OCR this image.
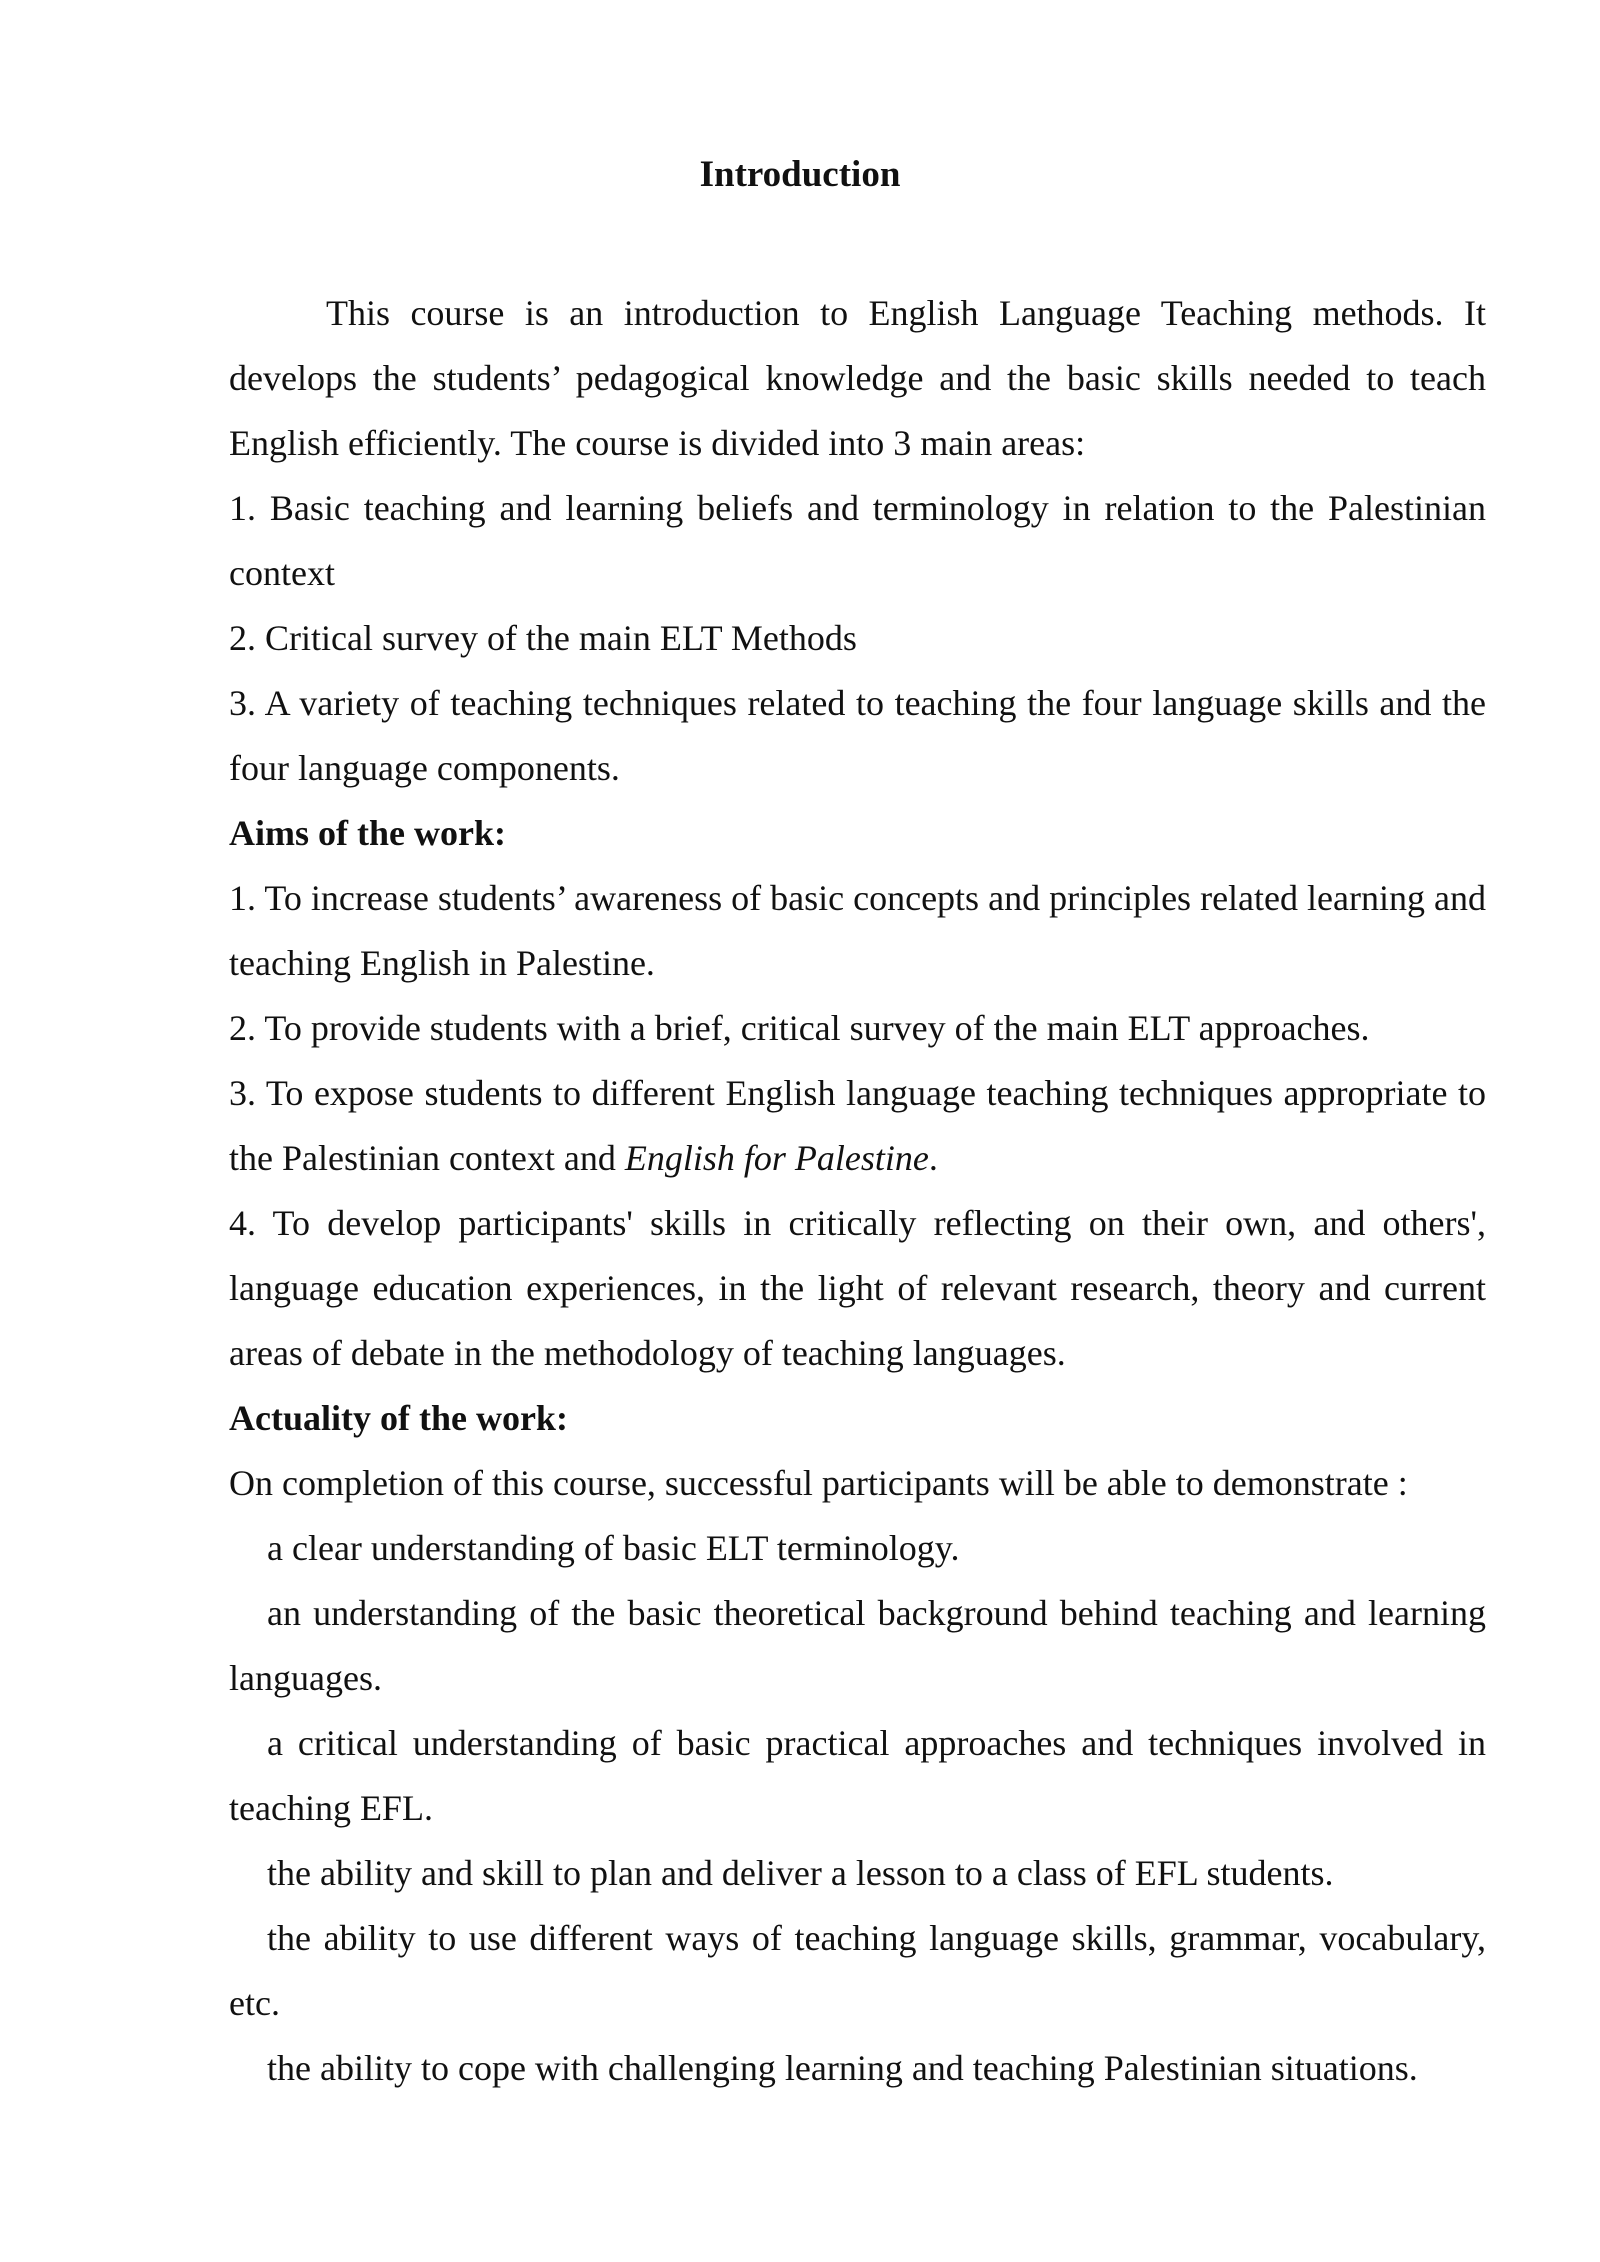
Introduction

This course is an introduction to English Language Teaching methods. It develops the students’ pedagogical knowledge and the basic skills needed to teach English efficiently. The course is divided into 3 main areas:

1. Basic teaching and learning beliefs and terminology in relation to the Palestinian context

2. Critical survey of the main ELT Methods

3. A variety of teaching techniques related to teaching the four language skills and the four language components.

Aims of the work:

1. To increase students’ awareness of basic concepts and principles related learning and teaching English in Palestine.

2. To provide students with a brief, critical survey of the main ELT approaches.

3. To expose students to different English language teaching techniques appropriate to the Palestinian context and English for Palestine.

4. To develop participants' skills in critically reflecting on their own, and others', language education experiences, in the light of relevant research, theory and current areas of debate in the methodology of teaching languages.

Actuality of the work:

On completion of this course, successful participants will be able to demonstrate :

a clear understanding of basic ELT terminology.

an understanding of the basic theoretical background behind teaching and learning languages.

a critical understanding of basic practical approaches and techniques involved in teaching EFL.

the ability and skill to plan and deliver a lesson to a class of EFL students.

the ability to use different ways of teaching language skills, grammar, vocabulary, etc.

the ability to cope with challenging learning and teaching Palestinian situations.
